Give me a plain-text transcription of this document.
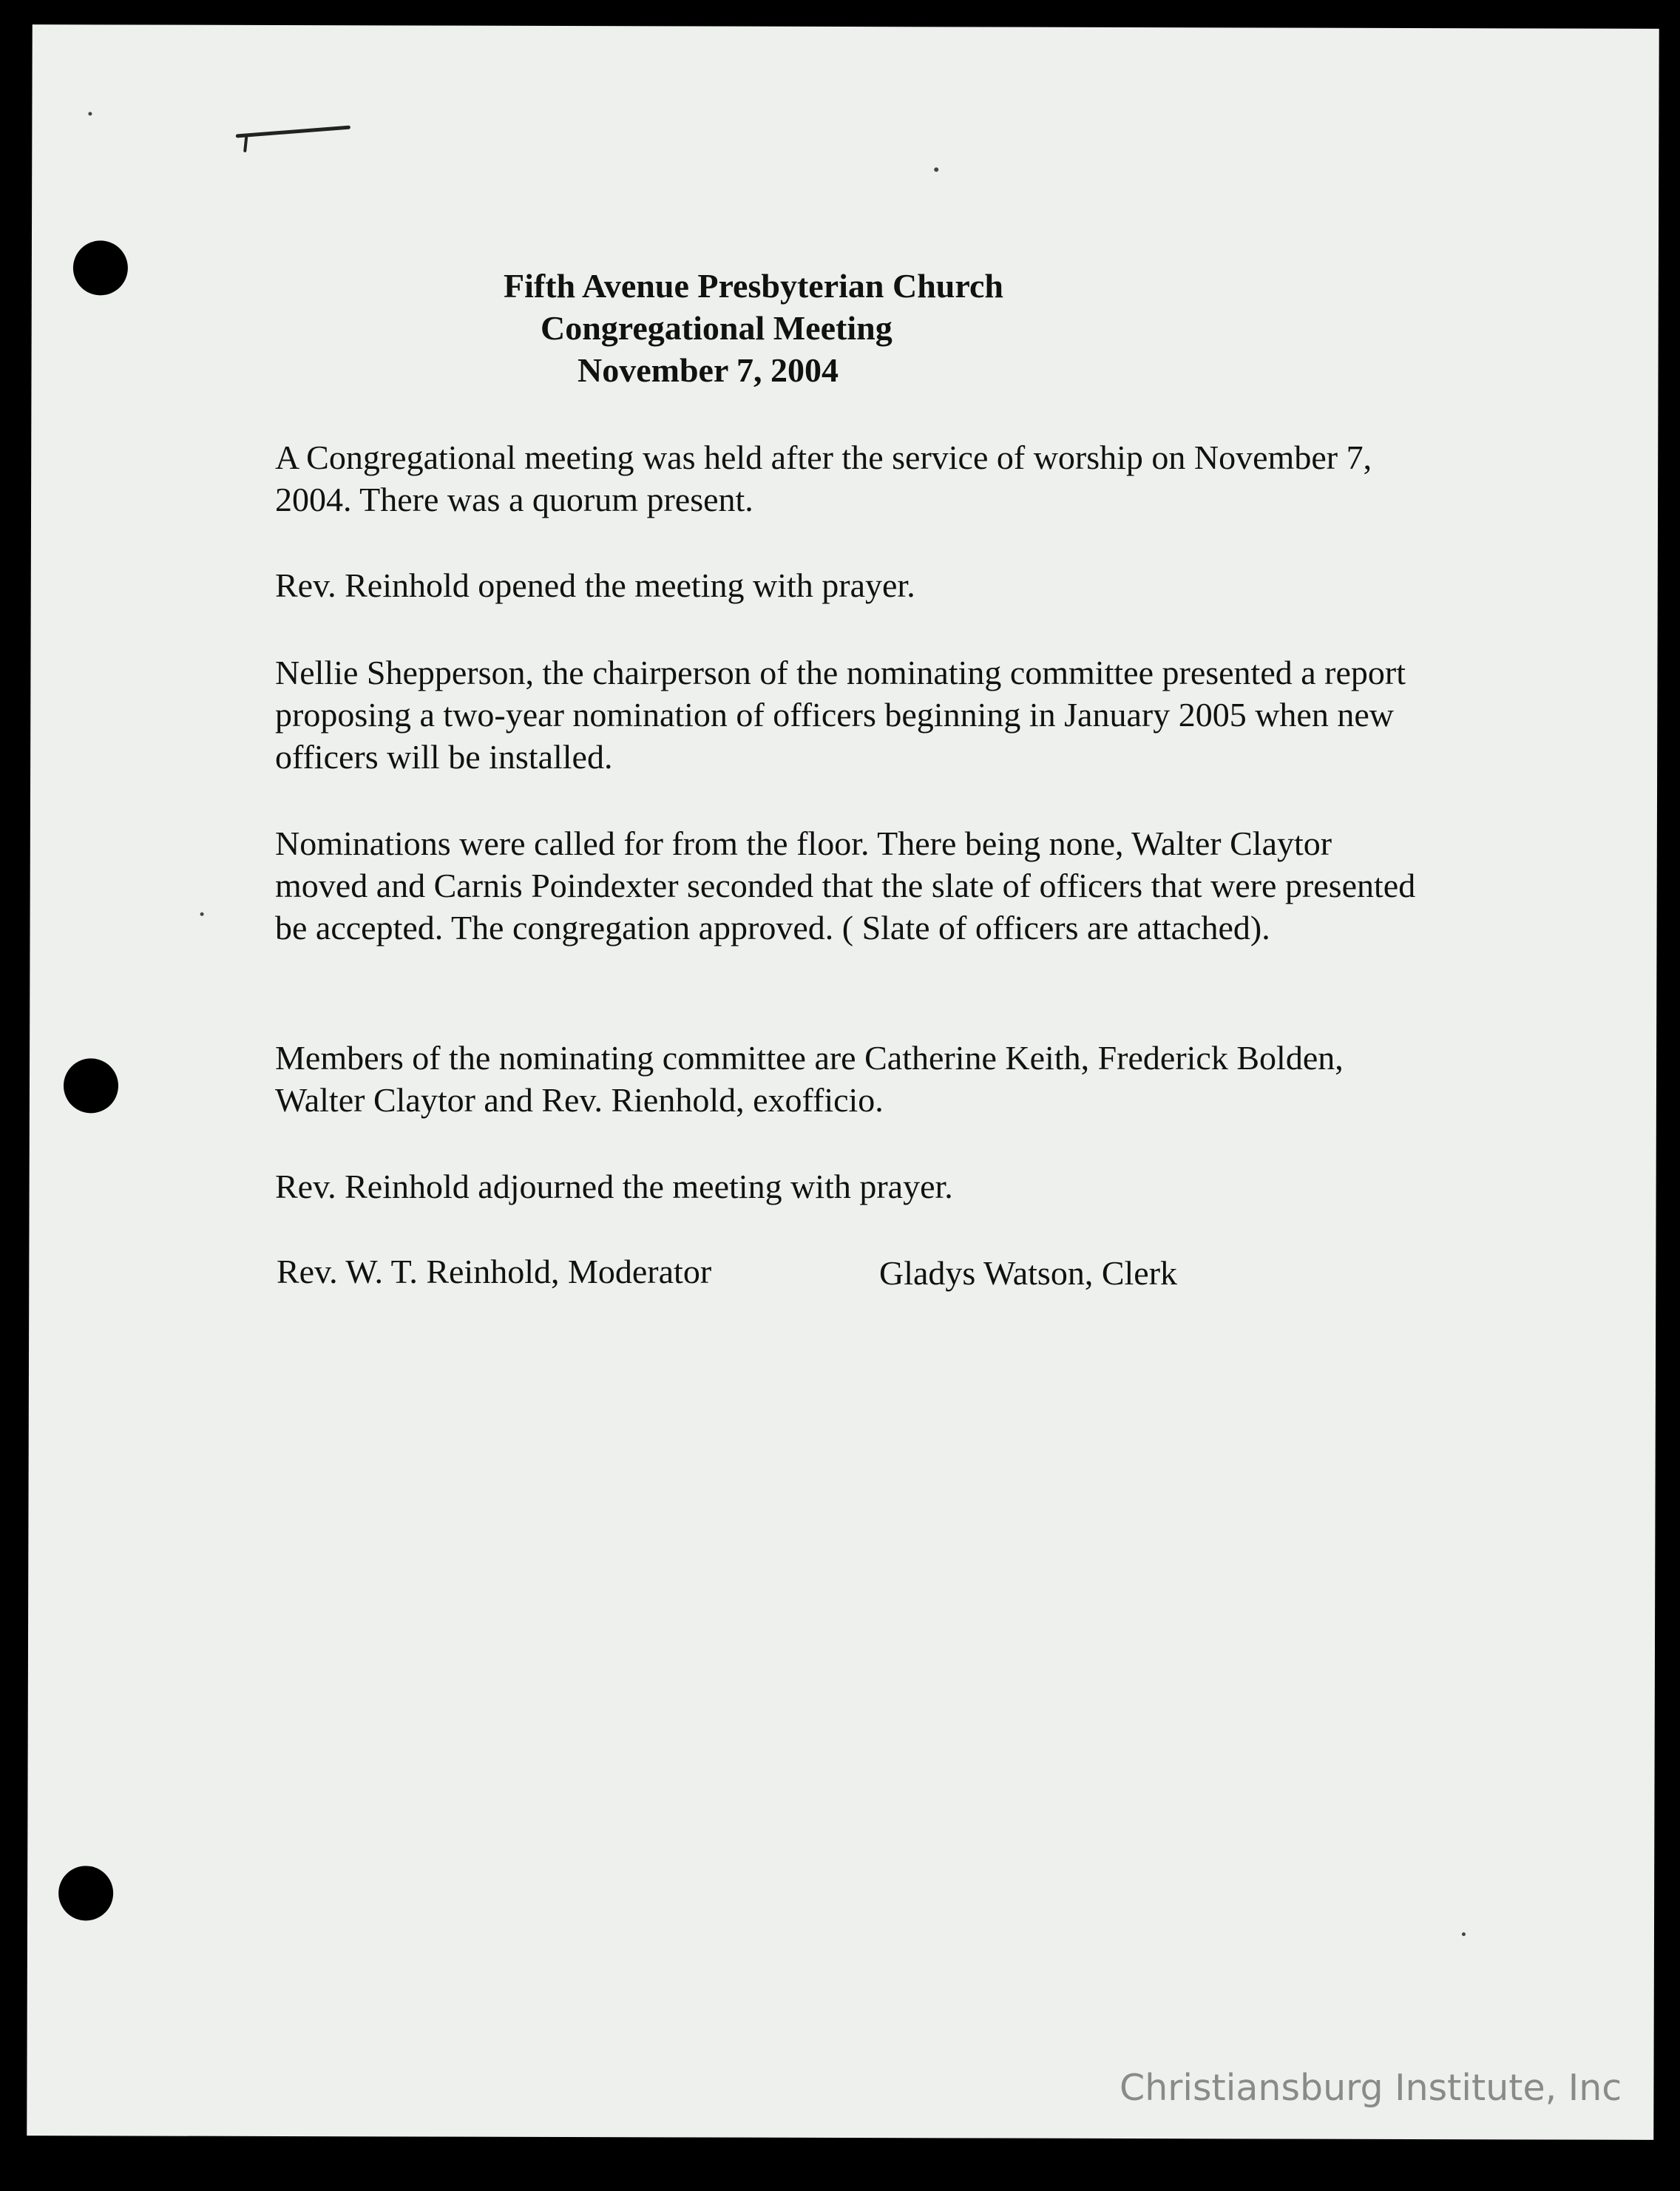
Fifth Avenue Presbyterian Church
Congregational Meeting
November 7, 2004

A Congregational meeting was held after the service of worship on November 7, 2004. There was a quorum present.

Rev. Reinhold opened the meeting with prayer.

Nellie Shepperson, the chairperson of the nominating committee presented a report proposing a two-year nomination of officers beginning in January 2005 when new officers will be installed.

Nominations were called for from the floor. There being none, Walter Claytor moved and Carnis Poindexter seconded that the slate of officers that were presented be accepted. The congregation approved. ( Slate of officers are attached).

Members of the nominating committee are Catherine Keith, Frederick Bolden, Walter Claytor and Rev. Rienhold, exofficio.

Rev. Reinhold adjourned the meeting with prayer.

Rev. W. T. Reinhold, Moderator	Gladys Watson, Clerk
Christiansburg Institute, Inc
